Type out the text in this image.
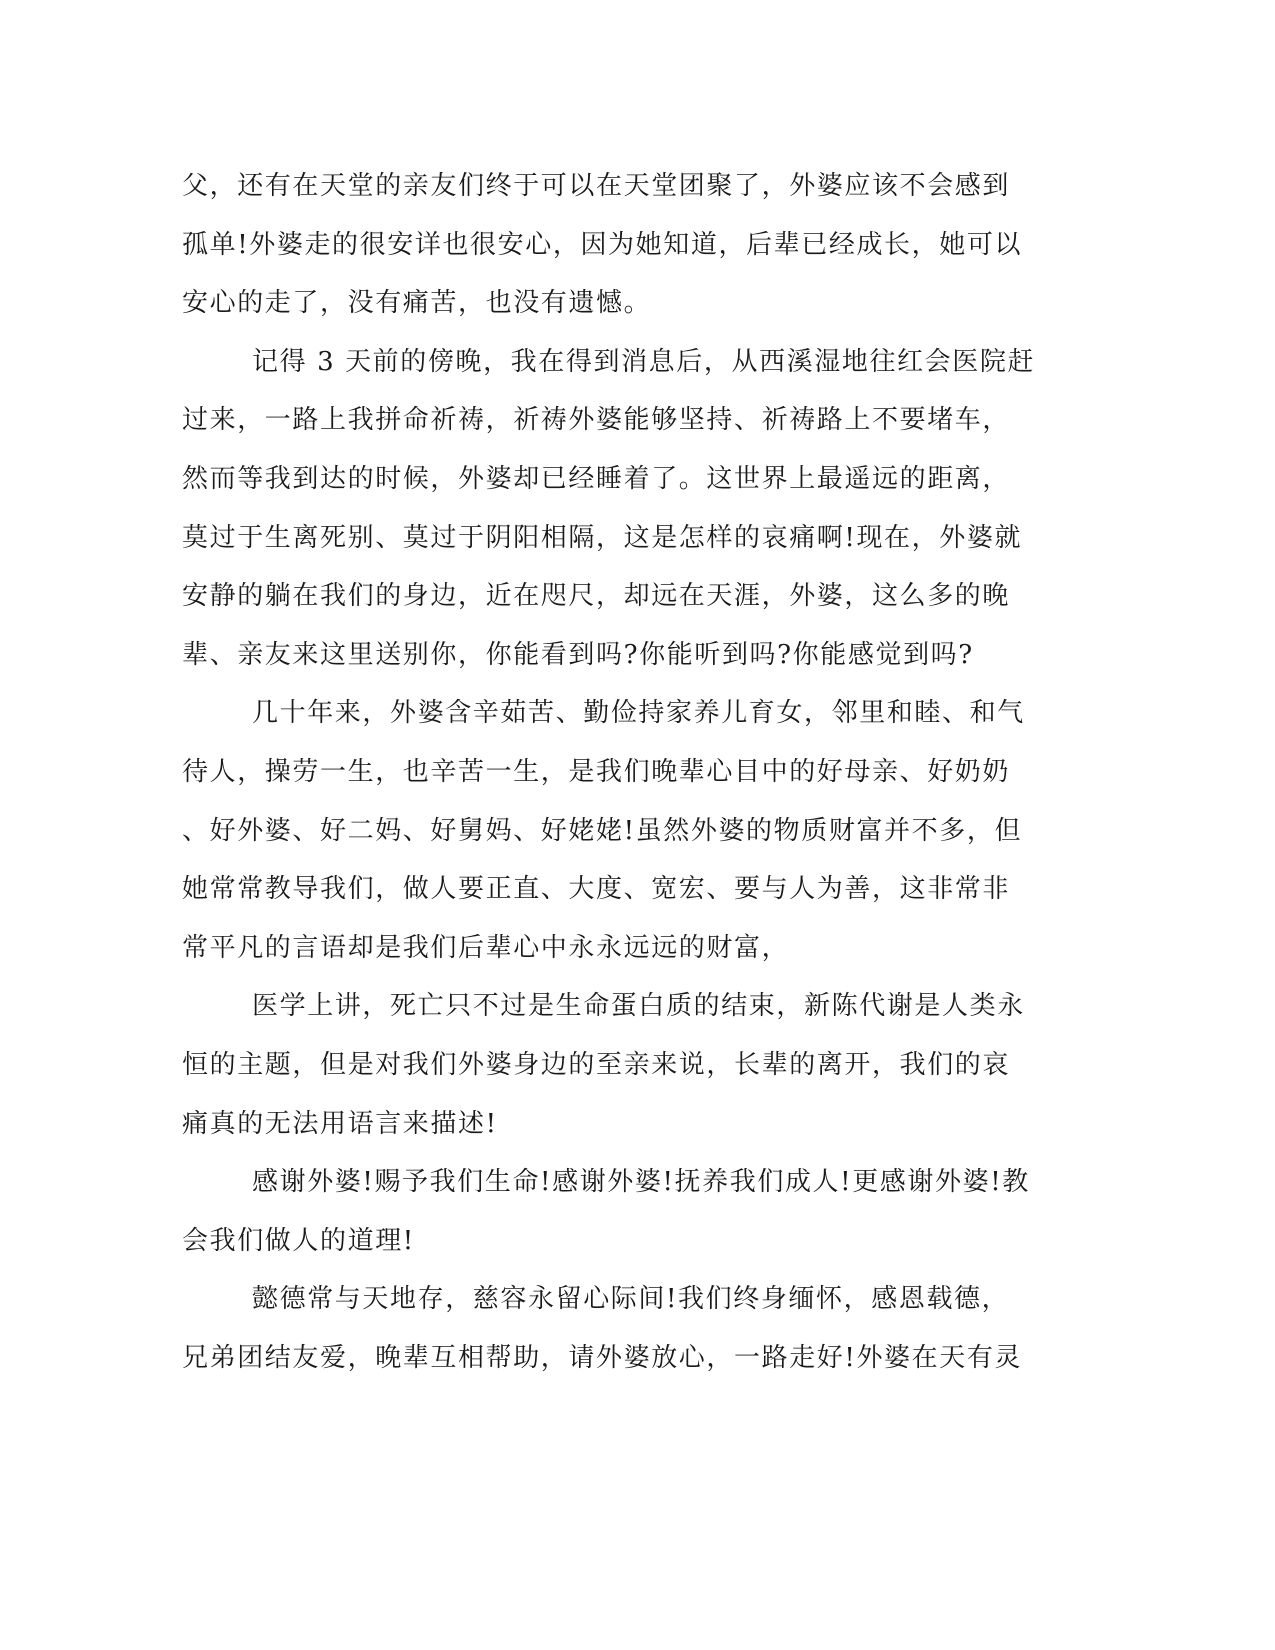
父，还有在天堂的亲友们终于可以在天堂团聚了，外婆应该不会感到
孤单!外婆走的很安详也很安心，因为她知道，后辈已经成长，她可以
安心的走了，没有痛苦，也没有遗憾。
记得 3 天前的傍晚，我在得到消息后，从西溪湿地往红会医院赶
过来，一路上我拼命祈祷，祈祷外婆能够坚持、祈祷路上不要堵车，
然而等我到达的时候，外婆却已经睡着了。这世界上最遥远的距离，
莫过于生离死别、莫过于阴阳相隔，这是怎样的哀痛啊!现在，外婆就
安静的躺在我们的身边，近在咫尺，却远在天涯，外婆，这么多的晚
辈、亲友来这里送别你，你能看到吗?你能听到吗?你能感觉到吗?
几十年来，外婆含辛茹苦、勤俭持家养儿育女，邻里和睦、和气
待人，操劳一生，也辛苦一生，是我们晚辈心目中的好母亲、好奶奶
、好外婆、好二妈、好舅妈、好姥姥!虽然外婆的物质财富并不多，但
她常常教导我们，做人要正直、大度、宽宏、要与人为善，这非常非
常平凡的言语却是我们后辈心中永永远远的财富，
医学上讲，死亡只不过是生命蛋白质的结束，新陈代谢是人类永
恒的主题，但是对我们外婆身边的至亲来说，长辈的离开，我们的哀
痛真的无法用语言来描述!
感谢外婆!赐予我们生命!感谢外婆!抚养我们成人!更感谢外婆!教
会我们做人的道理!
懿德常与天地存，慈容永留心际间!我们终身缅怀，感恩载德，
兄弟团结友爱，晚辈互相帮助，请外婆放心，一路走好!外婆在天有灵
